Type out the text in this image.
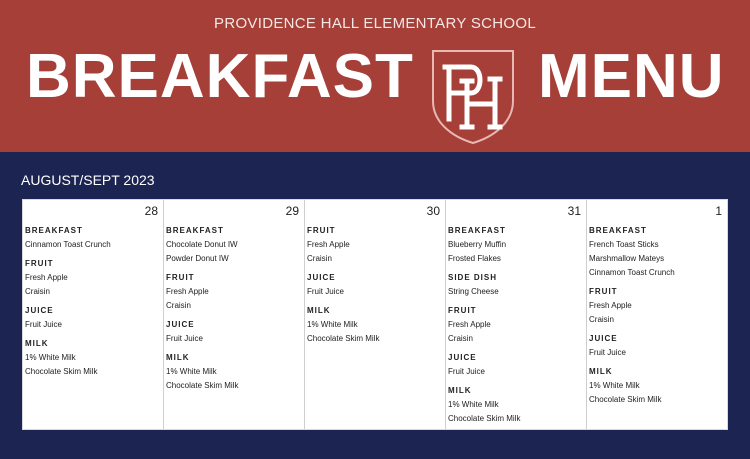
PROVIDENCE HALL ELEMENTARY SCHOOL
BREAKFAST MENU
AUGUST/SEPT 2023
28
BREAKFAST
Cinnamon Toast Crunch
FRUIT
Fresh Apple
Craisin
JUICE
Fruit Juice
MILK
1% White Milk
Chocolate Skim Milk
29
BREAKFAST
Chocolate Donut IW
Powder Donut IW
FRUIT
Fresh Apple
Craisin
JUICE
Fruit Juice
MILK
1% White Milk
Chocolate Skim Milk
30
FRUIT
Fresh Apple
Craisin
JUICE
Fruit Juice
MILK
1% White Milk
Chocolate Skim Milk
31
BREAKFAST
Blueberry Muffin
Frosted Flakes
SIDE DISH
String Cheese
FRUIT
Fresh Apple
Craisin
JUICE
Fruit Juice
MILK
1% White Milk
Chocolate Skim Milk
1
BREAKFAST
French Toast Sticks
Marshmallow Mateys
Cinnamon Toast Crunch
FRUIT
Fresh Apple
Craisin
JUICE
Fruit Juice
MILK
1% White Milk
Chocolate Skim Milk
